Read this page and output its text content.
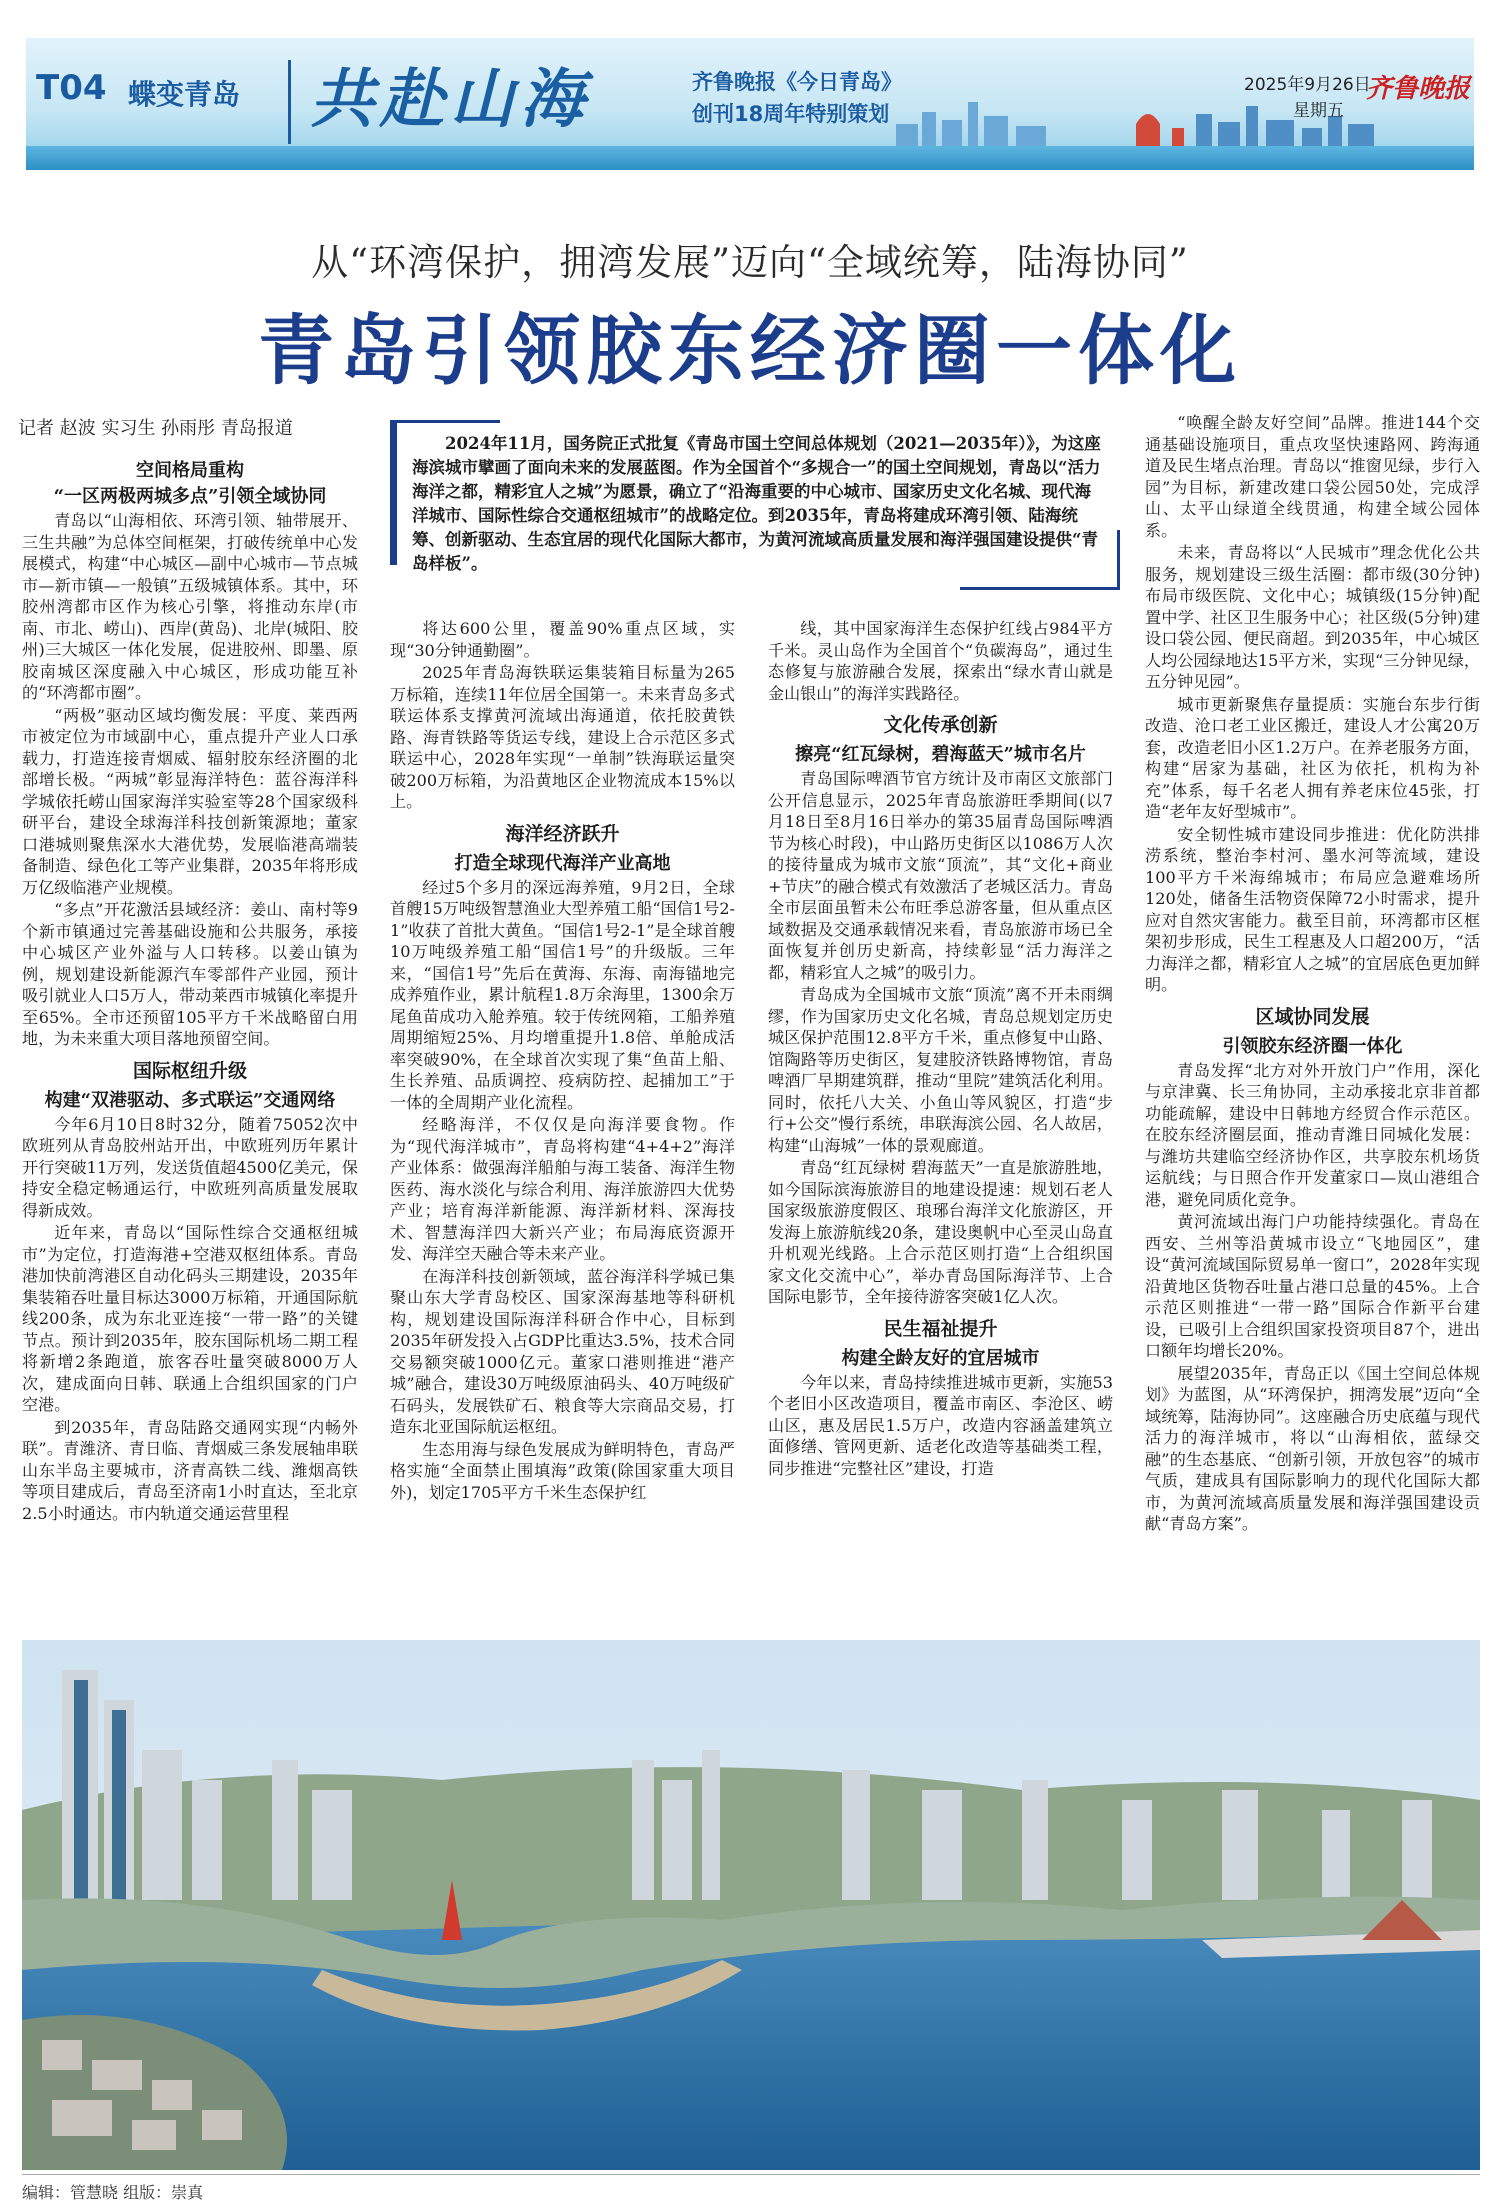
T04 蝶变青岛 共赴山海	齐鲁晚报《今日青岛》
创刊18周年特别策划
2025年9月26日
星期五
齐鲁晚报
从“环湾保护，拥湾发展”迈向“全域统筹，陆海协同”
青岛引领胶东经济圈一体化
记者 赵波 实习生 孙雨彤 青岛报道
2024年11月，国务院正式批复《青岛市国土空间总体规划（2021—2035年）》，为这座海滨城市擘画了面向未来的发展蓝图。作为全国首个“多规合一”的国土空间规划，青岛以“活力海洋之都，精彩宜人之城”为愿景，确立了“沿海重要的中心城市、国家历史文化名城、现代海洋城市、国际性综合交通枢纽城市”的战略定位。到2035年，青岛将建成环湾引领、陆海统筹、创新驱动、生态宜居的现代化国际大都市，为黄河流域高质量发展和海洋强国建设提供“青岛样板”。
空间格局重构
“一区两极两城多点”引领全域协同

青岛以“山海相依、环湾引领、轴带展开、三生共融”为总体空间框架，打破传统单中心发展模式，构建“中心城区—副中心城市—节点城市—新市镇—一般镇”五级城镇体系。其中，环胶州湾都市区作为核心引擎，将推动东岸(市南、市北、崂山)、西岸(黄岛)、北岸(城阳、胶州)三大城区一体化发展，促进胶州、即墨、原胶南城区深度融入中心城区，形成功能互补的“环湾都市圈”。

“两极”驱动区域均衡发展：平度、莱西两市被定位为市域副中心，重点提升产业人口承载力，打造连接青烟威、辐射胶东经济圈的北部增长极。“两城”彰显海洋特色：蓝谷海洋科学城依托崂山国家海洋实验室等28个国家级科研平台，建设全球海洋科技创新策源地；董家口港城则聚焦深水大港优势，发展临港高端装备制造、绿色化工等产业集群，2035年将形成万亿级临港产业规模。

“多点”开花激活县域经济：姜山、南村等9个新市镇通过完善基础设施和公共服务，承接中心城区产业外溢与人口转移。以姜山镇为例，规划建设新能源汽车零部件产业园，预计吸引就业人口5万人，带动莱西市城镇化率提升至65%。全市还预留105平方千米战略留白用地，为未来重大项目落地预留空间。

国际枢纽升级
构建“双港驱动、多式联运”交通网络

今年6月10日8时32分，随着75052次中欧班列从青岛胶州站开出，中欧班列历年累计开行突破11万列，发送货值超4500亿美元，保持安全稳定畅通运行，中欧班列高质量发展取得新成效。

近年来，青岛以“国际性综合交通枢纽城市”为定位，打造海港+空港双枢纽体系。青岛港加快前湾港区自动化码头三期建设，2035年集装箱吞吐量目标达3000万标箱，开通国际航线200条，成为东北亚连接“一带一路”的关键节点。预计到2035年，胶东国际机场二期工程将新增2条跑道，旅客吞吐量突破8000万人次，建成面向日韩、联通上合组织国家的门户空港。

到2035年，青岛陆路交通网实现“内畅外联”。青潍济、青日临、青烟威三条发展轴串联山东半岛主要城市，济青高铁二线、潍烟高铁等项目建成后，青岛至济南1小时直达，至北京2.5小时通达。市内轨道交通运营里程

将达600公里，覆盖90%重点区域，实现“30分钟通勤圈”。

2025年青岛海铁联运集装箱目标量为265万标箱，连续11年位居全国第一。未来青岛多式联运体系支撑黄河流域出海通道，依托胶黄铁路、海青铁路等货运专线，建设上合示范区多式联运中心，2028年实现“一单制”铁海联运量突破200万标箱，为沿黄地区企业物流成本15%以上。

海洋经济跃升
打造全球现代海洋产业高地

经过5个多月的深远海养殖，9月2日，全球首艘15万吨级智慧渔业大型养殖工船“国信1号2-1”收获了首批大黄鱼。“国信1号2-1”是全球首艘10万吨级养殖工船“国信1号”的升级版。三年来，“国信1号”先后在黄海、东海、南海锚地完成养殖作业，累计航程1.8万余海里，1300余万尾鱼苗成功入舱养殖。较于传统网箱，工船养殖周期缩短25%、月均增重提升1.8倍、单舱成活率突破90%，在全球首次实现了集“鱼苗上船、生长养殖、品质调控、疫病防控、起捕加工”于一体的全周期产业化流程。

经略海洋，不仅仅是向海洋要食物。作为“现代海洋城市”，青岛将构建“4+4+2”海洋产业体系：做强海洋船舶与海工装备、海洋生物医药、海水淡化与综合利用、海洋旅游四大优势产业；培育海洋新能源、海洋新材料、深海技术、智慧海洋四大新兴产业；布局海底资源开发、海洋空天融合等未来产业。

在海洋科技创新领域，蓝谷海洋科学城已集聚山东大学青岛校区、国家深海基地等科研机构，规划建设国际海洋科研合作中心，目标到2035年研发投入占GDP比重达3.5%，技术合同交易额突破1000亿元。董家口港则推进“港产城”融合，建设30万吨级原油码头、40万吨级矿石码头，发展铁矿石、粮食等大宗商品交易，打造东北亚国际航运枢纽。

生态用海与绿色发展成为鲜明特色，青岛严格实施“全面禁止围填海”政策(除国家重大项目外)，划定1705平方千米生态保护红

线，其中国家海洋生态保护红线占984平方千米。灵山岛作为全国首个“负碳海岛”，通过生态修复与旅游融合发展，探索出“绿水青山就是金山银山”的海洋实践路径。

文化传承创新
擦亮“红瓦绿树，碧海蓝天”城市名片

青岛国际啤酒节官方统计及市南区文旅部门公开信息显示，2025年青岛旅游旺季期间(以7月18日至8月16日举办的第35届青岛国际啤酒节为核心时段)，中山路历史街区以1086万人次的接待量成为城市文旅“顶流”，其“文化+商业+节庆”的融合模式有效激活了老城区活力。青岛全市层面虽暂未公布旺季总游客量，但从重点区域数据及交通承载情况来看，青岛旅游市场已全面恢复并创历史新高，持续彰显“活力海洋之都，精彩宜人之城”的吸引力。

青岛成为全国城市文旅“顶流”离不开未雨绸缪，作为国家历史文化名城，青岛总规划定历史城区保护范围12.8平方千米，重点修复中山路、馆陶路等历史街区，复建胶济铁路博物馆，青岛啤酒厂早期建筑群，推动“里院”建筑活化利用。同时，依托八大关、小鱼山等风貌区，打造“步行+公交”慢行系统，串联海滨公园、名人故居，构建“山海城”一体的景观廊道。

青岛“红瓦绿树 碧海蓝天”一直是旅游胜地，如今国际滨海旅游目的地建设提速：规划石老人国家级旅游度假区、琅琊台海洋文化旅游区，开发海上旅游航线20条，建设奥帆中心至灵山岛直升机观光线路。上合示范区则打造“上合组织国家文化交流中心”，举办青岛国际海洋节、上合国际电影节，全年接待游客突破1亿人次。

民生福祉提升
构建全龄友好的宜居城市

今年以来，青岛持续推进城市更新，实施53个老旧小区改造项目，覆盖市南区、李沧区、崂山区，惠及居民1.5万户，改造内容涵盖建筑立面修缮、管网更新、适老化改造等基础类工程，同步推进“完整社区”建设，打造

“唤醒全龄友好空间”品牌。推进144个交通基础设施项目，重点攻坚快速路网、跨海通道及民生堵点治理。青岛以“推窗见绿，步行入园”为目标，新建改建口袋公园50处，完成浮山、太平山绿道全线贯通，构建全域公园体系。

未来，青岛将以“人民城市”理念优化公共服务，规划建设三级生活圈：都市级(30分钟)布局市级医院、文化中心；城镇级(15分钟)配置中学、社区卫生服务中心；社区级(5分钟)建设口袋公园、便民商超。到2035年，中心城区人均公园绿地达15平方米，实现“三分钟见绿，五分钟见园”。

城市更新聚焦存量提质：实施台东步行街改造、沧口老工业区搬迁，建设人才公寓20万套，改造老旧小区1.2万户。在养老服务方面，构建“居家为基础，社区为依托，机构为补充”体系，每千名老人拥有养老床位45张，打造“老年友好型城市”。

安全韧性城市建设同步推进：优化防洪排涝系统，整治李村河、墨水河等流域，建设100平方千米海绵城市；布局应急避难场所120处，储备生活物资保障72小时需求，提升应对自然灾害能力。截至目前，环湾都市区框架初步形成，民生工程惠及人口超200万，“活力海洋之都，精彩宜人之城”的宜居底色更加鲜明。

区域协同发展
引领胶东经济圈一体化

青岛发挥“北方对外开放门户”作用，深化与京津冀、长三角协同，主动承接北京非首都功能疏解，建设中日韩地方经贸合作示范区。在胶东经济圈层面，推动青潍日同城化发展：与潍坊共建临空经济协作区，共享胶东机场货运航线；与日照合作开发董家口—岚山港组合港，避免同质化竞争。

黄河流域出海门户功能持续强化。青岛在西安、兰州等沿黄城市设立“飞地园区”，建设“黄河流域国际贸易单一窗口”，2028年实现沿黄地区货物吞吐量占港口总量的45%。上合示范区则推进“一带一路”国际合作新平台建设，已吸引上合组织国家投资项目87个，进出口额年均增长20%。

展望2035年，青岛正以《国土空间总体规划》为蓝图，从“环湾保护，拥湾发展”迈向“全域统筹，陆海协同”。这座融合历史底蕴与现代活力的海洋城市，将以“山海相依，蓝绿交融”的生态基底、“创新引领，开放包容”的城市气质，建成具有国际影响力的现代化国际大都市，为黄河流域高质量发展和海洋强国建设贡献“青岛方案”。

编辑：管慧晓 组版：崇真
